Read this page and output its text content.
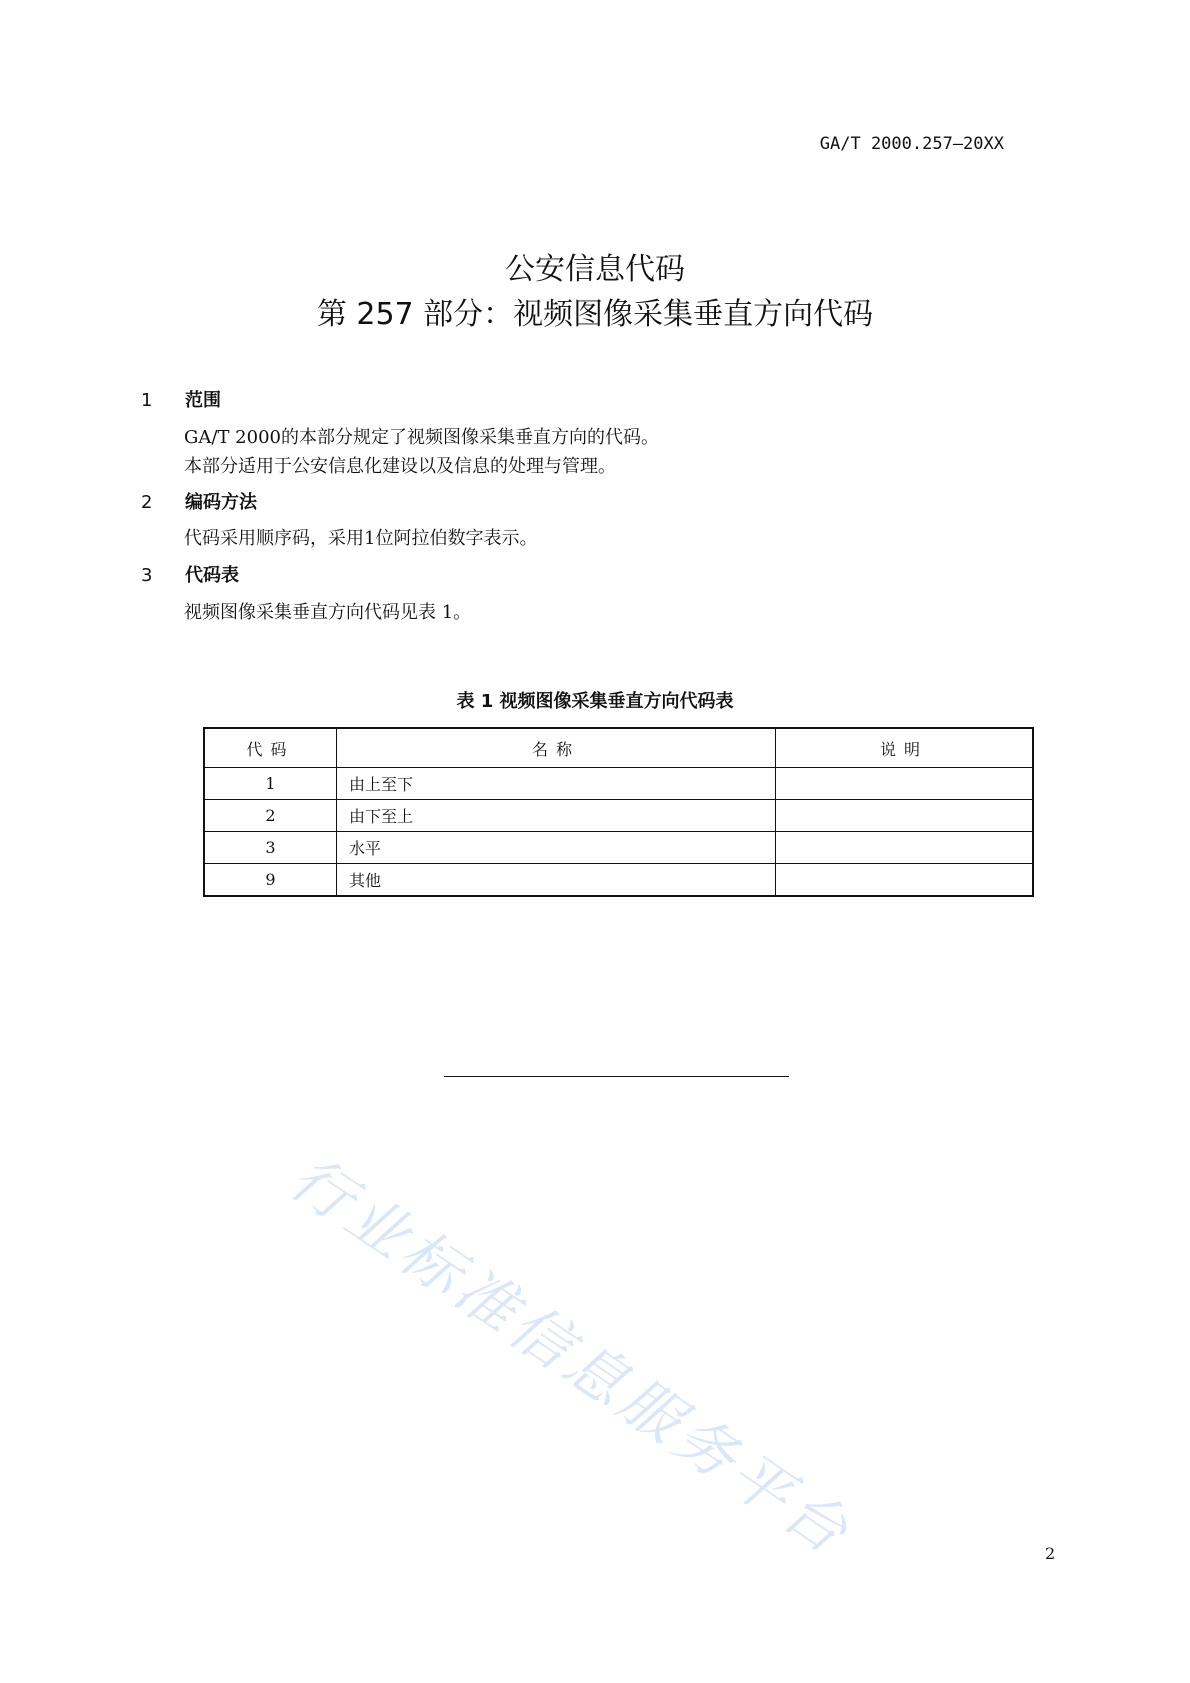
GA/T 2000.257—20XX
公安信息代码
第 257 部分：视频图像采集垂直方向代码
1 范围
GA/T 2000的本部分规定了视频图像采集垂直方向的代码。
本部分适用于公安信息化建设以及信息的处理与管理。
2 编码方法
代码采用顺序码，采用1位阿拉伯数字表示。
3 代码表
视频图像采集垂直方向代码见表 1。
表 1 视频图像采集垂直方向代码表
代码	名称	说明
1	由上至下	
2	由下至上	
3	水平	
9	其他	
行业标准信息服务平台	2
